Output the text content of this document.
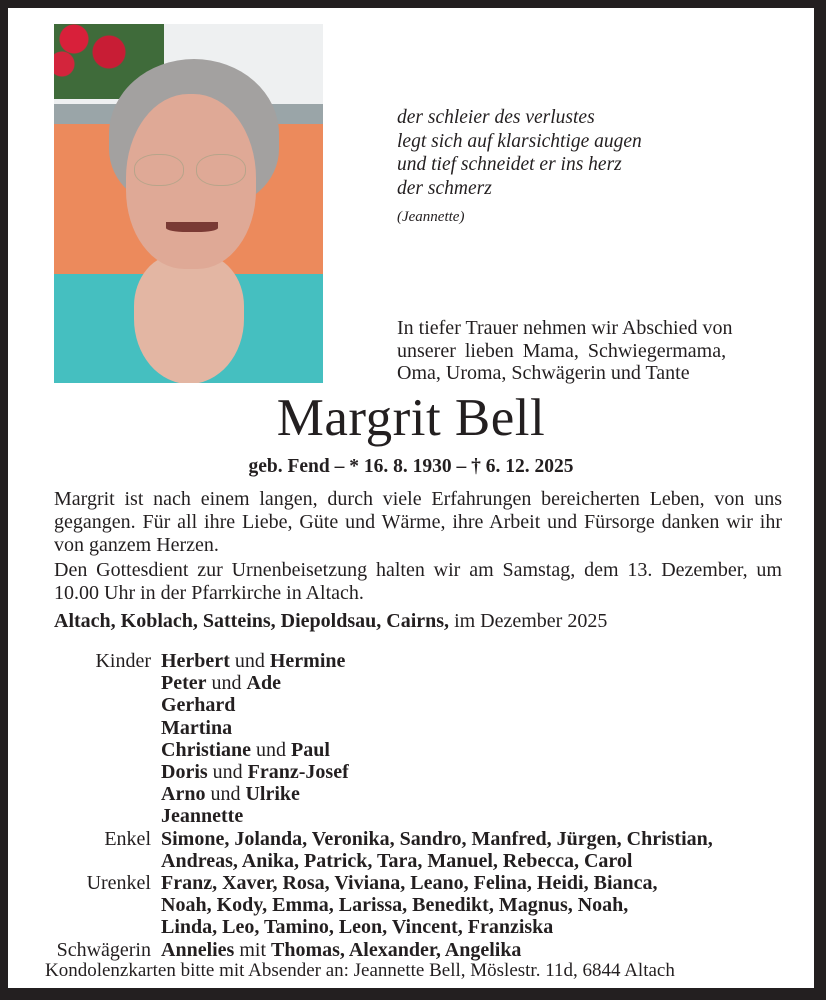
der schleier des verlustes
legt sich auf klarsichtige augen
und tief schneidet er ins herz
der schmerz
(Jeannette)
In tiefer Trauer nehmen wir Abschied von
unserer lieben Mama, Schwiegermama,
Oma, Uroma, Schwägerin und Tante
Margrit Bell
geb. Fend – * 16. 8. 1930 – † 6. 12. 2025

Margrit ist nach einem langen, durch viele Erfahrungen bereicherten Leben, von uns gegangen. Für all ihre Liebe, Güte und Wärme, ihre Arbeit und Fürsorge danken wir ihr von ganzem Herzen.

Den Gottesdient zur Urnenbeisetzung halten wir am Samstag, dem 13. Dezember, um 10.00 Uhr in der Pfarrkirche in Altach.

Altach, Koblach, Satteins, Diepoldsau, Cairns, im Dezember 2025
Kinder Herbert und Hermine
Peter und Ade
Gerhard
Martina
Christiane und Paul
Doris und Franz-Josef
Arno und Ulrike
Jeannette
Enkel Simone, Jolanda, Veronika, Sandro, Manfred, Jürgen, Christian,
Andreas, Anika, Patrick, Tara, Manuel, Rebecca, Carol
Urenkel Franz, Xaver, Rosa, Viviana, Leano, Felina, Heidi, Bianca,
Noah, Kody, Emma, Larissa, Benedikt, Magnus, Noah,
Linda, Leo, Tamino, Leon, Vincent, Franziska
Schwägerin Annelies mit Thomas, Alexander, Angelika
Kondolenzkarten bitte mit Absender an: Jeannette Bell, Möslestr. 11d, 6844 Altach
